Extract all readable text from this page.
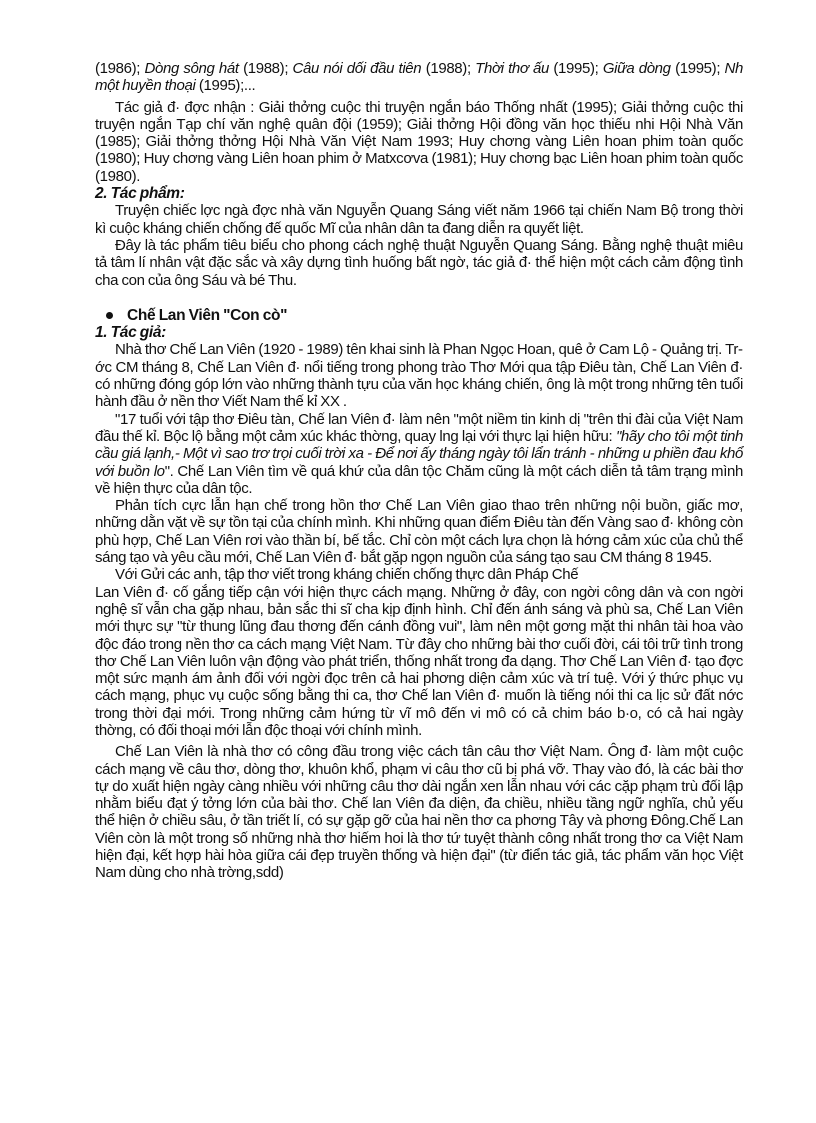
(1986); Dòng sông hát (1988); Câu nói dối đầu tiên (1988); Thời thơ ấu (1995); Giữa dòng (1995); Nh một huyền thoại (1995);...

Tác giả đ· đợc nhận : Giải thởng cuộc thi truyện ngắn báo Thống nhất (1995); Giải thởng cuộc thi truyện ngắn Tạp chí văn nghệ quân đội (1959); Giải thởng Hội đồng văn học thiếu nhi Hội Nhà Văn (1985); Giải thởng thởng Hội Nhà Văn Việt Nam 1993; Huy chơng vàng Liên hoan phim toàn quốc (1980); Huy chơng vàng Liên hoan phim ở Matxcơva (1981); Huy chơng bạc Liên hoan phim toàn quốc (1980).

2. Tác phẩm:

Truyện chiếc lợc ngà đợc nhà văn Nguyễn Quang Sáng viết năm 1966 tại chiến Nam Bộ trong thời kì cuộc kháng chiến chống đế quốc Mĩ của nhân dân ta đang diễn ra quyết liệt.

Đây là tác phẩm tiêu biểu cho phong cách nghệ thuật Nguyễn Quang Sáng. Bằng nghệ thuật miêu tả tâm lí nhân vật đặc sắc và xây dựng tình huống bất ngờ, tác giả đ· thể hiện một cách cảm động tình cha con của ông Sáu và bé Thu.

Chế Lan Viên "Con cò"

1. Tác giả:

Nhà thơ Chế Lan Viên (1920 - 1989) tên khai sinh là Phan Ngọc Hoan, quê ở Cam Lộ - Quảng trị. Trớc CM tháng 8, Chế Lan Viên đ· nổi tiếng trong phong trào Thơ Mới qua tập Điêu tàn, Chế Lan Viên đ· có những đóng góp lớn vào những thành tựu của văn học kháng chiến, ông là một trong những tên tuổi hành đầu ở nền thơ Viết Nam thế kỉ XX .

"17 tuổi với tập thơ Điêu tàn, Chế lan Viên đ· làm nên "một niềm tin kinh dị "trên thi đài của Việt Nam đầu thế kỉ. Bộc lộ bằng một cảm xúc khác thờng, quay lng lại với thực lại hiện hữu: "hãy cho tôi một tinh cầu giá lạnh,- Một vì sao trơ trọi cuối trời xa - Để nơi ấy tháng ngày tôi lẩn tránh - những u phiền đau khổ với buồn lo". Chế Lan Viên tìm về quá khứ của dân tộc Chăm cũng là một cách diễn tả tâm trạng mình về hiện thực của dân tộc.

Phản tích cực lẫn hạn chế trong hồn thơ Chế Lan Viên giao thao trên những nội buồn, giấc mơ, những dằn vặt về sự tồn tại của chính mình. Khi những quan điểm Điêu tàn đến Vàng sao đ· không còn phù hợp, Chế Lan Viên rơi vào thần bí, bế tắc. Chỉ còn một cách lựa chọn là hớng cảm xúc của chủ thể sáng tạo và yêu cầu mới, Chế Lan Viên đ· bắt gặp ngọn nguồn của sáng tạo sau CM tháng 8 1945.

Với Gửi các anh, tập thơ viết trong kháng chiến chống thực dân Pháp Chế

Lan Viên đ· cố gắng tiếp cận với hiện thực cách mạng. Những ở đây, con ngời công dân và con ngời nghệ sĩ vẫn cha gặp nhau, bản sắc thi sĩ cha kịp định hình. Chỉ đến ánh sáng và phù sa, Chế Lan Viên mới thực sự "từ thung lũng đau thơng đến cánh đồng vui", làm nên một gơng mặt thi nhân tài hoa vào độc đáo trong nền thơ ca cách mạng Việt Nam. Từ đây cho những bài thơ cuối đời, cái tôi trữ tình trong thơ Chế Lan Viên luôn vận động vào phát triển, thống nhất trong đa dạng. Thơ Chế Lan Viên đ· tạo đợc một sức mạnh ám ảnh đối với ngời đọc trên cả hai phơng diện cảm xúc và trí tuệ. Với ý thức phục vụ cách mạng, phục vụ cuộc sống bằng thi ca, thơ Chế lan Viên đ· muốn là tiếng nói thi ca lịc sử đất nớc trong thời đại mới. Trong những cảm hứng từ vĩ mô đến vi mô có cả chim báo b·o, có cả hai ngày thờng, có đối thoại mới lẫn độc thoại với chính mình.

Chế Lan Viên là nhà thơ có công đầu trong việc cách tân câu thơ Việt Nam. Ông đ· làm một cuộc cách mạng về câu thơ, dòng thơ, khuôn khổ, phạm vi câu thơ cũ bị phá vỡ. Thay vào đó, là các bài thơ tự do xuất hiện ngày càng nhiều với những câu thơ dài ngắn xen lẫn nhau với các cặp phạm trù đối lập nhằm biểu đạt ý tởng lớn của bài thơ. Chế lan Viên đa diện, đa chiều, nhiều tầng ngữ nghĩa, chủ yếu thể hiện ở chiều sâu, ở tần triết lí, có sự gặp gỡ của hai nền thơ ca phơng Tây và phơng Đông.Chế Lan Viên còn là một trong số những nhà thơ hiếm hoi là thơ tứ tuyệt thành công nhất trong thơ ca Việt Nam hiện đại, kết hợp hài hòa giữa cái đẹp truyền thống và hiện đại" (từ điển tác giả, tác phẩm văn học Việt Nam dùng cho nhà trờng,sdd)
